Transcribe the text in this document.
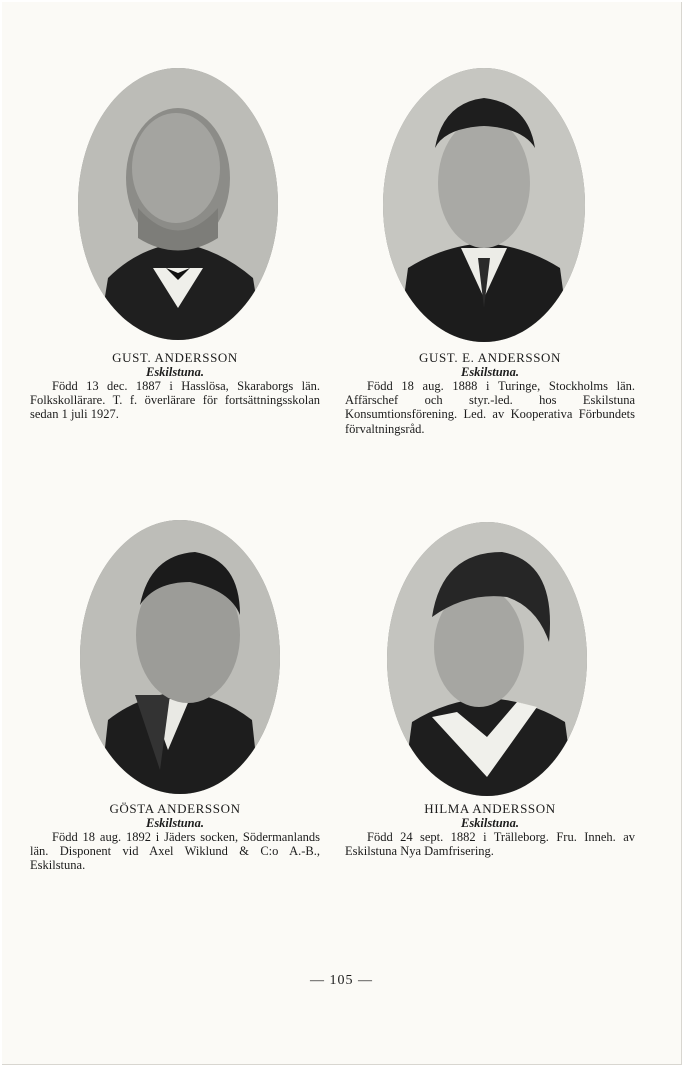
GUST. ANDERSSON
Eskilstuna.
Född 13 dec. 1887 i Hasslösa, Skaraborgs län. Folkskollärare. T. f. överlärare för fortsättningsskolan sedan 1 juli 1927.
GUST. E. ANDERSSON
Eskilstuna.
Född 18 aug. 1888 i Turinge, Stockholms län. Affärschef och styr.-led. hos Eskilstuna Konsumtionsförening. Led. av Kooperativa Förbundets förvaltningsråd.
GÖSTA ANDERSSON
Eskilstuna.
Född 18 aug. 1892 i Jäders socken, Södermanlands län. Disponent vid Axel Wiklund & C:o A.-B., Eskilstuna.
HILMA ANDERSSON
Eskilstuna.
Född 24 sept. 1882 i Trälleborg. Fru. Inneh. av Eskilstuna Nya Damfrisering.
— 105 —
